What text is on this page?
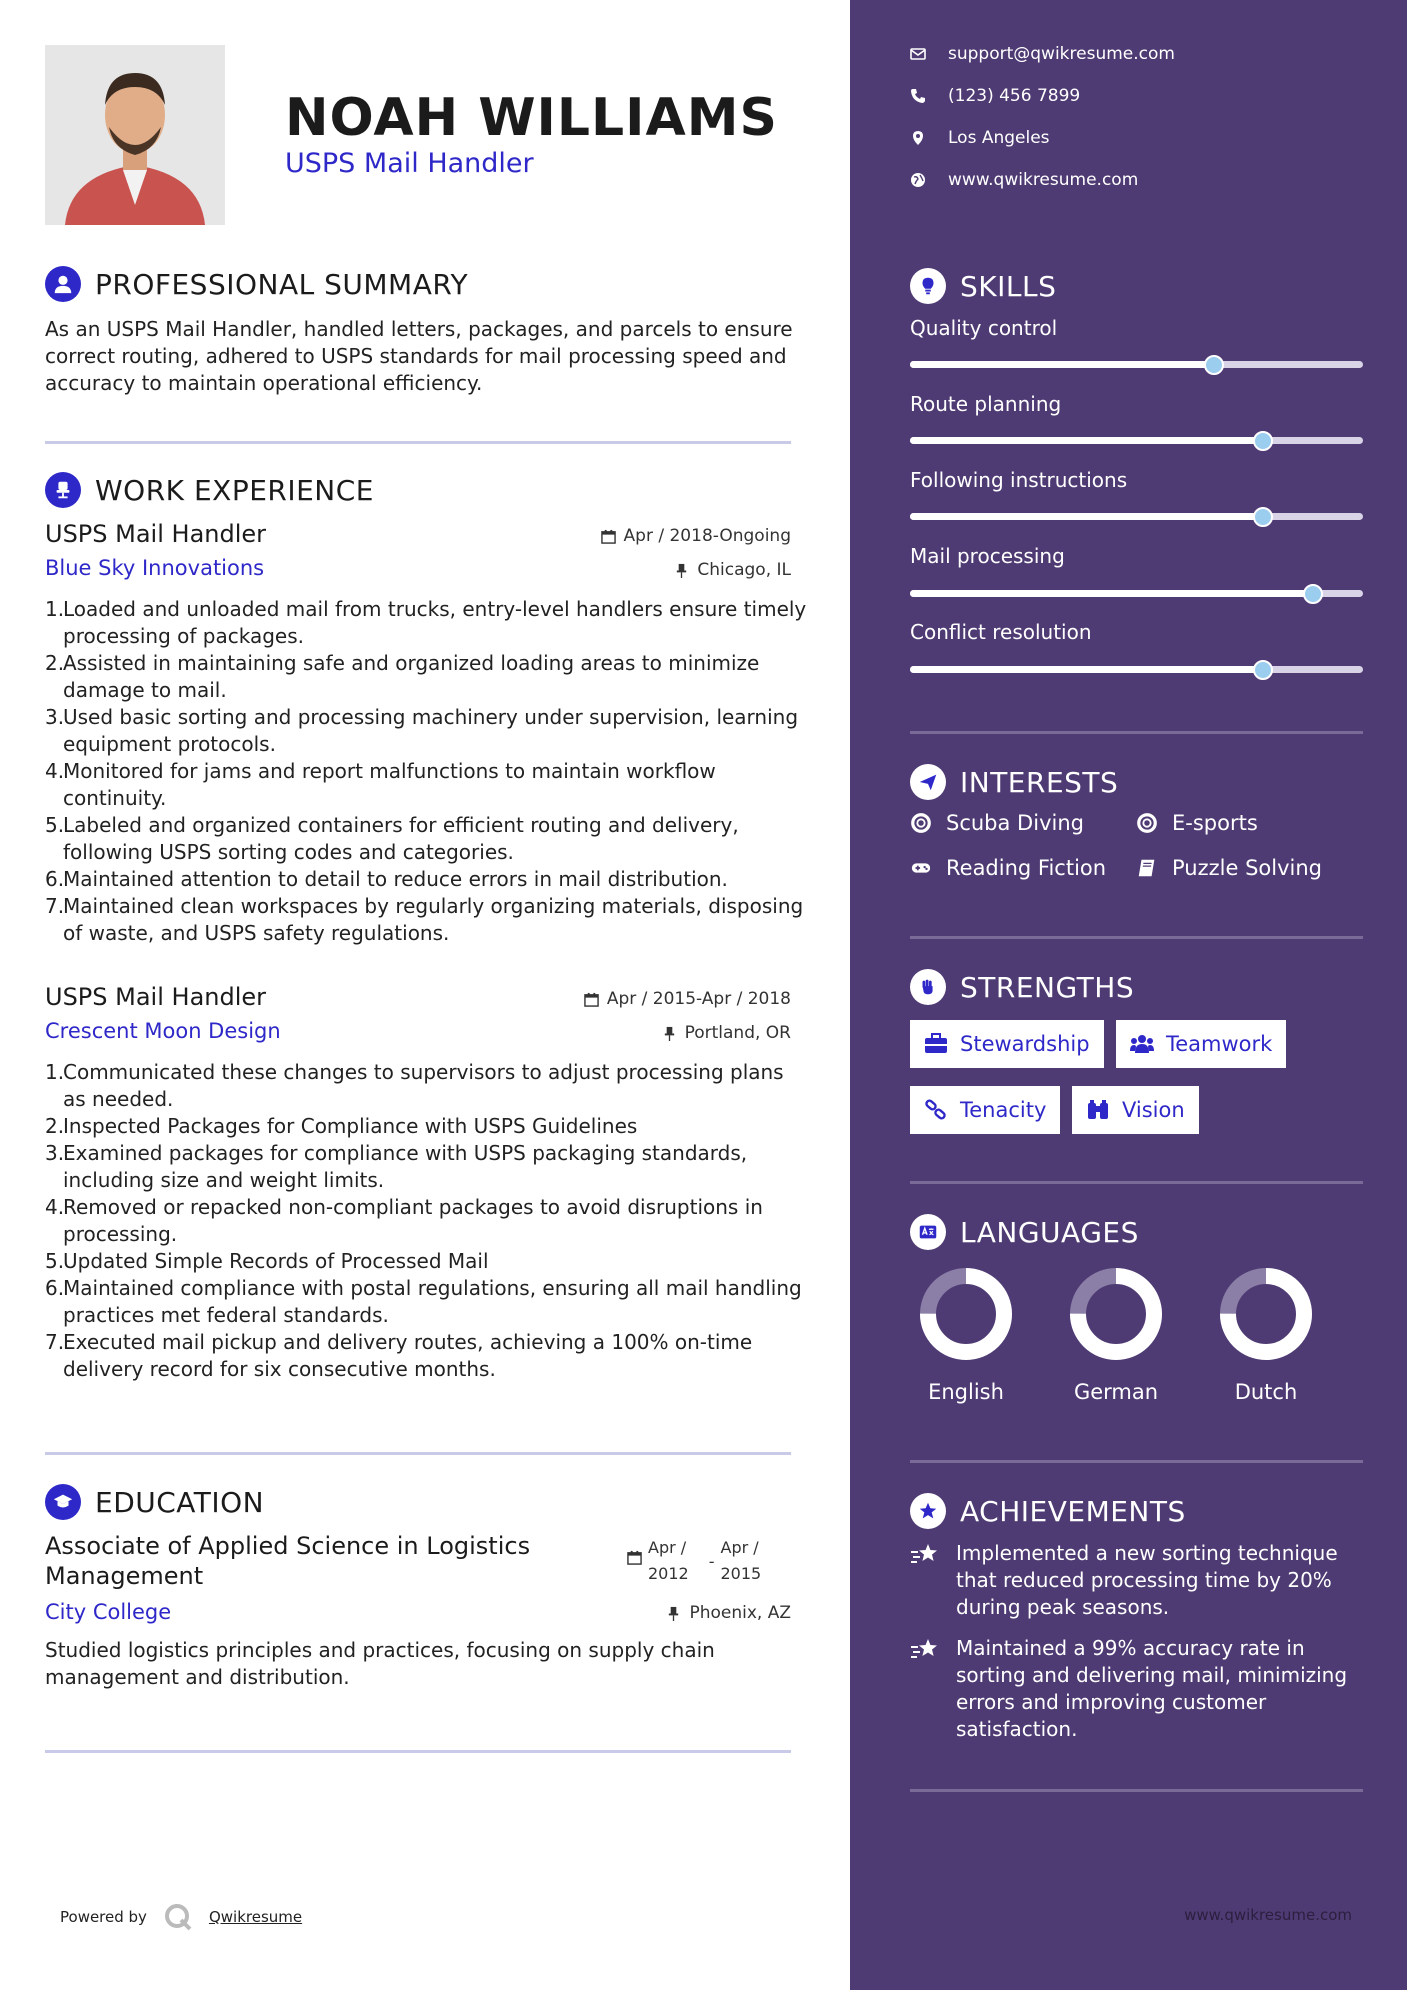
NOAH WILLIAMS
USPS Mail Handler
PROFESSIONAL SUMMARY
As an USPS Mail Handler, handled letters, packages, and parcels to ensure correct routing, adhered to USPS standards for mail processing speed and accuracy to maintain operational efficiency.
WORK EXPERIENCE
USPS Mail Handler
Blue Sky Innovations
Apr / 2018-Ongoing
Chicago, IL
1.
Loaded and unloaded mail from trucks, entry-level handlers ensure timely processing of packages.
2.
Assisted in maintaining safe and organized loading areas to minimize damage to mail.
3.
Used basic sorting and processing machinery under supervision, learning equipment protocols.
4.
Monitored for jams and report malfunctions to maintain workflow continuity.
5.
Labeled and organized containers for efficient routing and delivery, following USPS sorting codes and categories.
6.
Maintained attention to detail to reduce errors in mail distribution.
7.
Maintained clean workspaces by regularly organizing materials, disposing of waste, and USPS safety regulations.
USPS Mail Handler
Crescent Moon Design
Apr / 2015-Apr / 2018
Portland, OR
1.
Communicated these changes to supervisors to adjust processing plans as needed.
2.
Inspected Packages for Compliance with USPS Guidelines
3.
Examined packages for compliance with USPS packaging standards, including size and weight limits.
4.
Removed or repacked non-compliant packages to avoid disruptions in processing.
5.
Updated Simple Records of Processed Mail
6.
Maintained compliance with postal regulations, ensuring all mail handling practices met federal standards.
7.
Executed mail pickup and delivery routes, achieving a 100% on-time delivery record for six consecutive months.
EDUCATION
Associate of Applied Science in Logistics
Management
Apr /
2012
-
Apr /
2015
City College	Phoenix, AZ
Studied logistics principles and practices, focusing on supply chain management and distribution.
Powered by	Qwikresume
support@qwikresume.com
(123) 456 7899
Los Angeles
www.qwikresume.com
SKILLS
Quality control
Route planning
Following instructions
Mail processing
Conflict resolution
INTERESTS
Scuba Diving	E-sports
Reading Fiction	Puzzle Solving
STRENGTHS
Stewardship	Teamwork
Tenacity	Vision
LANGUAGES
English	German	Dutch
ACHIEVEMENTS
Implemented a new sorting technique that reduced processing time by 20% during peak seasons.
Maintained a 99% accuracy rate in sorting and delivering mail, minimizing errors and improving customer satisfaction.
www.qwikresume.com
